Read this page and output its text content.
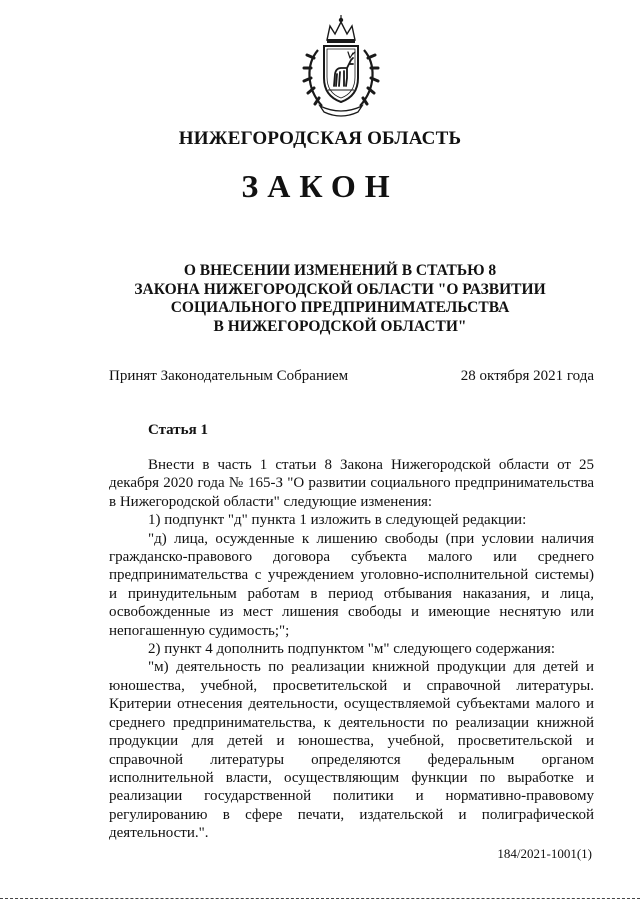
НИЖЕГОРОДСКАЯ ОБЛАСТЬ
ЗАКОН
О ВНЕСЕНИИ ИЗМЕНЕНИЙ В СТАТЬЮ 8
ЗАКОНА НИЖЕГОРОДСКОЙ ОБЛАСТИ "О РАЗВИТИИ
СОЦИАЛЬНОГО ПРЕДПРИНИМАТЕЛЬСТВА
В НИЖЕГОРОДСКОЙ ОБЛАСТИ"
Принят Законодательным Собранием	28 октября 2021 года
Статья 1

Внести в часть 1 статьи 8 Закона Нижегородской области от 25 декабря 2020 года № 165-З "О развитии социального предпринимательства в Нижегородской области" следующие изменения:

1) подпункт "д" пункта 1 изложить в следующей редакции:

"д) лица, осужденные к лишению свободы (при условии наличия гражданско-правового договора субъекта малого или среднего предпринимательства с учреждением уголовно-исполнительной системы) и принудительным работам в период отбывания наказания, и лица, освобожденные из мест лишения свободы и имеющие неснятую или непогашенную судимость;";

2) пункт 4 дополнить подпунктом "м" следующего содержания:

"м) деятельность по реализации книжной продукции для детей и юношества, учебной, просветительской и справочной литературы. Критерии отнесения деятельности, осуществляемой субъектами малого и среднего предпринимательства, к деятельности по реализации книжной продукции для детей и юношества, учебной, просветительской и справочной литературы определяются федеральным органом исполнительной власти, осуществляющим функции по выработке и реализации государственной политики и нормативно-правовому регулированию в сфере печати, издательской и полиграфической деятельности.".

184/2021-1001(1)
